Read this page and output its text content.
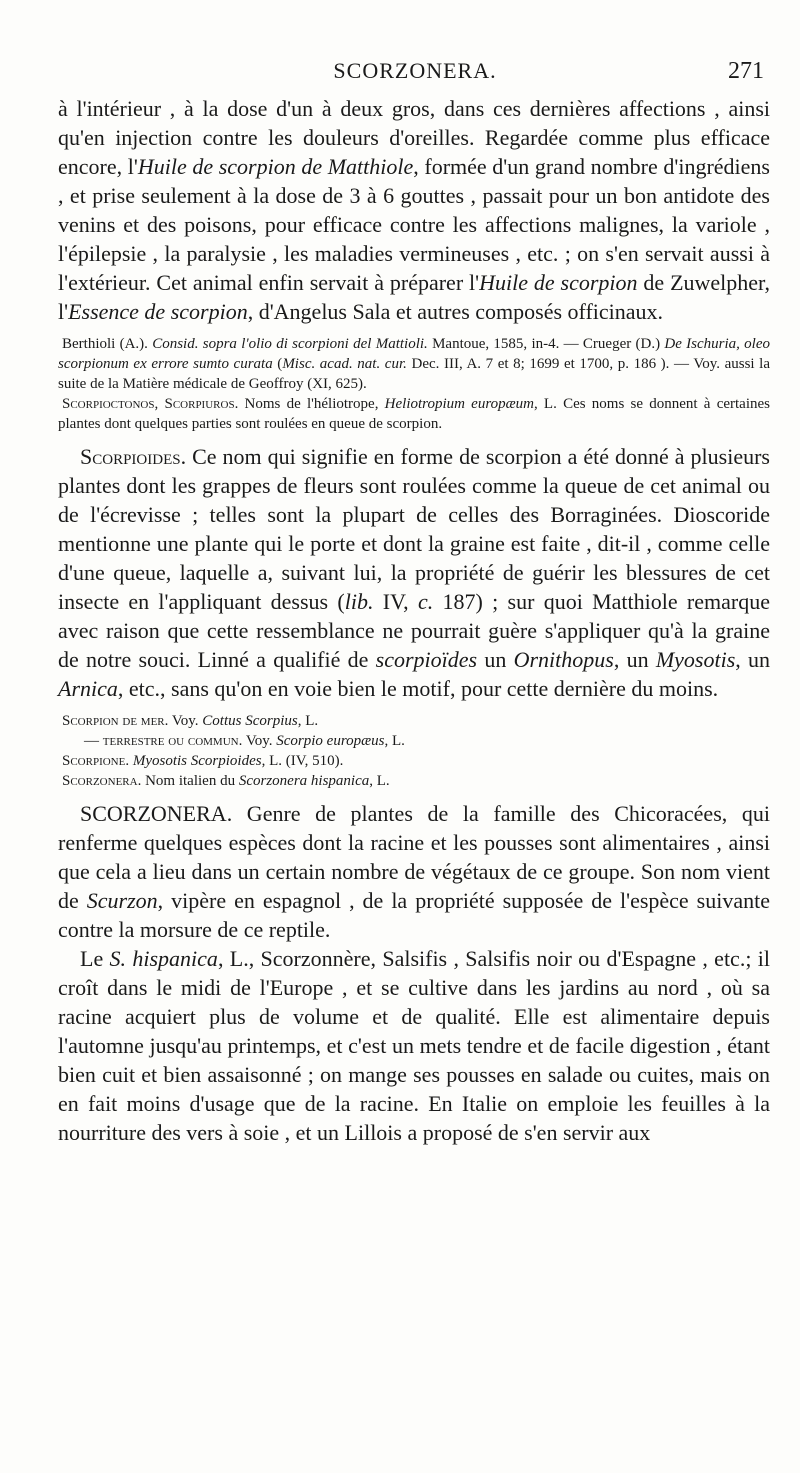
SCORZONERA.	271

à l'intérieur , à la dose d'un à deux gros, dans ces dernières affections , ainsi qu'en injection contre les douleurs d'oreilles. Regardée comme plus efficace encore, l'Huile de scorpion de Matthiole, formée d'un grand nombre d'ingrédiens , et prise seulement à la dose de 3 à 6 gouttes , passait pour un bon antidote des venins et des poisons, pour efficace contre les affections malignes, la variole , l'épilepsie , la paralysie , les maladies vermineuses , etc. ; on s'en servait aussi à l'extérieur. Cet animal enfin servait à préparer l'Huile de scorpion de Zuwelpher, l'Essence de scorpion, d'Angelus Sala et autres composés officinaux.

Berthioli (A.). Consid. sopra l'olio di scorpioni del Mattioli. Mantoue, 1585, in-4. — Crueger (D.) De Ischuria, oleo scorpionum ex errore sumto curata (Misc. acad. nat. cur. Dec. III, A. 7 et 8; 1699 et 1700, p. 186 ). — Voy. aussi la suite de la Matière médicale de Geoffroy (XI, 625).

Scorpioctonos, Scorpiuros. Noms de l'héliotrope, Heliotropium europæum, L. Ces noms se donnent à certaines plantes dont quelques parties sont roulées en queue de scorpion.

Scorpioides. Ce nom qui signifie en forme de scorpion a été donné à plusieurs plantes dont les grappes de fleurs sont roulées comme la queue de cet animal ou de l'écrevisse ; telles sont la plupart de celles des Borraginées. Dioscoride mentionne une plante qui le porte et dont la graine est faite , dit-il , comme celle d'une queue, laquelle a, suivant lui, la propriété de guérir les blessures de cet insecte en l'appliquant dessus (lib. IV, c. 187) ; sur quoi Matthiole remarque avec raison que cette ressemblance ne pourrait guère s'appliquer qu'à la graine de notre souci. Linné a qualifié de scorpioïdes un Ornithopus, un Myosotis, un Arnica, etc., sans qu'on en voie bien le motif, pour cette dernière du moins.

Scorpion de mer. Voy. Cottus Scorpius, L.
— terrestre ou commun. Voy. Scorpio europæus, L.
Scorpione. Myosotis Scorpioides, L. (IV, 510).
Scorzonera. Nom italien du Scorzonera hispanica, L.

SCORZONERA. Genre de plantes de la famille des Chicoracées, qui renferme quelques espèces dont la racine et les pousses sont alimentaires , ainsi que cela a lieu dans un certain nombre de végétaux de ce groupe. Son nom vient de Scurzon, vipère en espagnol , de la propriété supposée de l'espèce suivante contre la morsure de ce reptile.

Le S. hispanica, L., Scorzonnère, Salsifis , Salsifis noir ou d'Espagne , etc.; il croît dans le midi de l'Europe , et se cultive dans les jardins au nord , où sa racine acquiert plus de volume et de qualité. Elle est alimentaire depuis l'automne jusqu'au printemps, et c'est un mets tendre et de facile digestion , étant bien cuit et bien assaisonné ; on mange ses pousses en salade ou cuites, mais on en fait moins d'usage que de la racine. En Italie on emploie les feuilles à la nourriture des vers à soie , et un Lillois a proposé de s'en servir aux
